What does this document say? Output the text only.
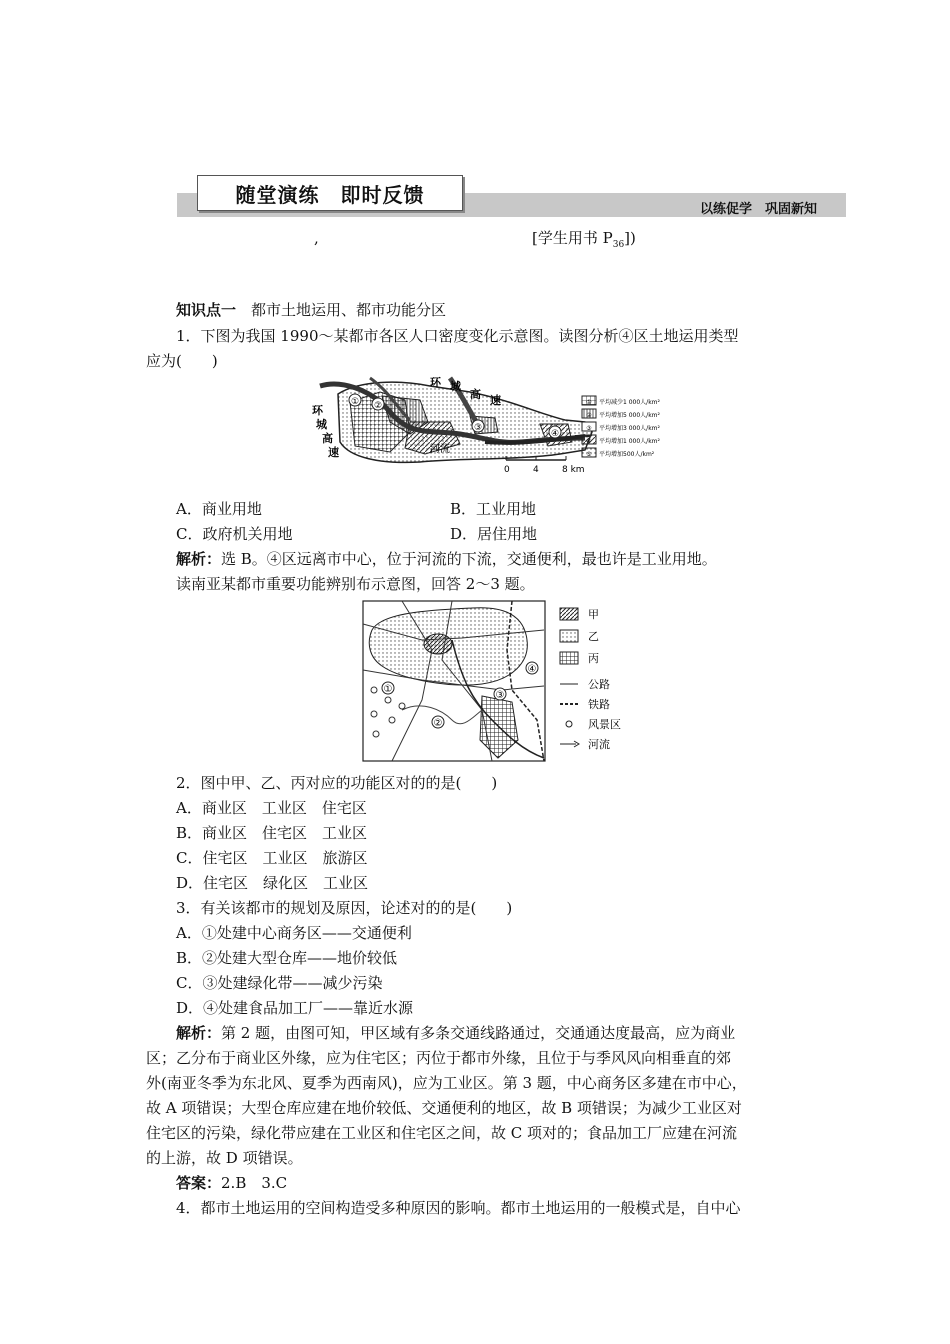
随堂演练　即时反馈
以练促学　巩固新知
,	[学生用书 $P_{36}$])
知识点一　 都市土地运用、都市功能分区
1．下图为我国 1990～某都市各区人口密度变化示意图。读图分析④区土地运用类型
应为(　　)
① ②
③
④
环 城
高 速
环
城
高
速	河流
0	4	8 km
① 平均减少1 000人/km²
② 平均增加5 000人/km²
③ 平均增加3 000人/km²
④ 平均增加1 000人/km²
⑤ 平均增加500人/km²
A．商业用地	B．工业用地
C．政府机关用地	D．居住用地
解析：选 B。④区远离市中心，位于河流的下流，交通便利，最也许是工业用地。
读南亚某都市重要功能辨别布示意图，回答 2～3 题。
①
②
③
④
甲
乙
丙
公路
铁路
风景区
河流
2．图中甲、乙、丙对应的功能区对的的是(　　)
A．商业区　工业区　住宅区
B．商业区　住宅区　工业区
C．住宅区　工业区　旅游区
D．住宅区　绿化区　工业区
3．有关该都市的规划及原因，论述对的的是(　　)
A．①处建中心商务区——交通便利
B．②处建大型仓库——地价较低
C．③处建绿化带——减少污染
D．④处建食品加工厂——靠近水源
解析：第 2 题，由图可知，甲区域有多条交通线路通过，交通通达度最高，应为商业
区；乙分布于商业区外缘，应为住宅区；丙位于都市外缘，且位于与季风风向相垂直的郊
外(南亚冬季为东北风、夏季为西南风)，应为工业区。第 3 题，中心商务区多建在市中心，
故 A 项错误；大型仓库应建在地价较低、交通便利的地区，故 B 项错误；为减少工业区对
住宅区的污染，绿化带应建在工业区和住宅区之间，故 C 项对的；食品加工厂应建在河流
的上游，故 D 项错误。
答案：2.B　3.C
4．都市土地运用的空间构造受多种原因的影响。都市土地运用的一般模式是，自中心
